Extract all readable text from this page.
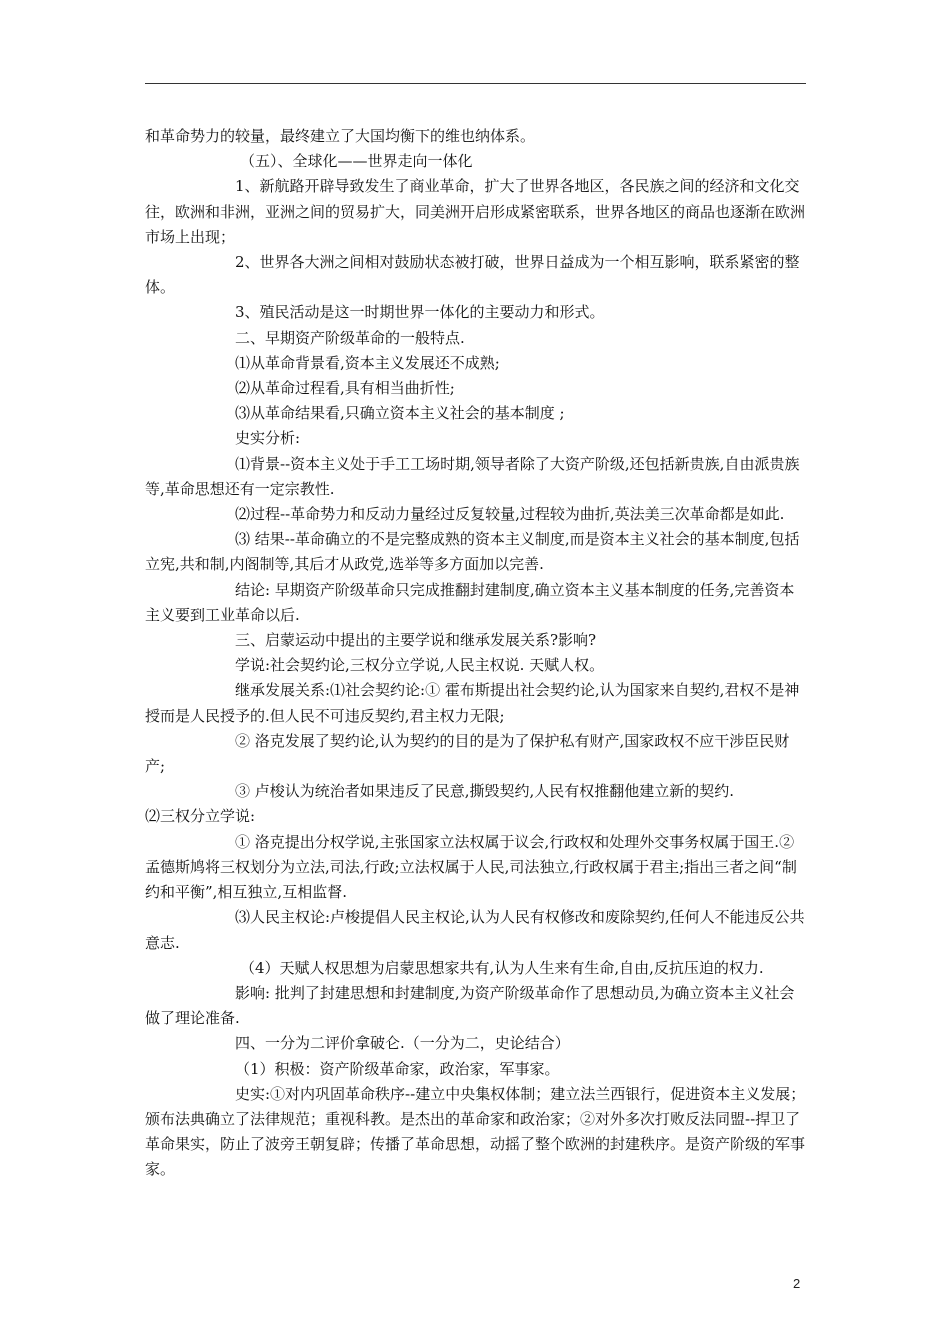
和革命势力的较量，最终建立了大国均衡下的维也纳体系。

（五）、全球化——世界走向一体化

1、新航路开辟导致发生了商业革命，扩大了世界各地区，各民族之间的经济和文化交往，欧洲和非洲，亚洲之间的贸易扩大，同美洲开启形成紧密联系，世界各地区的商品也逐渐在欧洲市场上出现；

2、世界各大洲之间相对鼓励状态被打破，世界日益成为一个相互影响，联系紧密的整体。

3、殖民活动是这一时期世界一体化的主要动力和形式。

二、早期资产阶级革命的一般特点.

⑴从革命背景看,资本主义发展还不成熟;

⑵从革命过程看,具有相当曲折性;

⑶从革命结果看,只确立资本主义社会的基本制度 ;

史实分析:

⑴背景--资本主义处于手工工场时期,领导者除了大资产阶级,还包括新贵族,自由派贵族等,革命思想还有一定宗教性.

⑵过程--革命势力和反动力量经过反复较量,过程较为曲折,英法美三次革命都是如此.

⑶ 结果--革命确立的不是完整成熟的资本主义制度,而是资本主义社会的基本制度,包括立宪,共和制,内阁制等,其后才从政党,选举等多方面加以完善.

结论: 早期资产阶级革命只完成推翻封建制度,确立资本主义基本制度的任务,完善资本主义要到工业革命以后.

三、启蒙运动中提出的主要学说和继承发展关系?影响?

学说:社会契约论,三权分立学说,人民主权说. 天赋人权。

继承发展关系:⑴社会契约论:① 霍布斯提出社会契约论,认为国家来自契约,君权不是神授而是人民授予的.但人民不可违反契约,君主权力无限;

② 洛克发展了契约论,认为契约的目的是为了保护私有财产,国家政权不应干涉臣民财产;

③ 卢梭认为统治者如果违反了民意,撕毁契约,人民有权推翻他建立新的契约.

⑵三权分立学说:

① 洛克提出分权学说,主张国家立法权属于议会,行政权和处理外交事务权属于国王.② 孟德斯鸠将三权划分为立法,司法,行政;立法权属于人民,司法独立,行政权属于君主;指出三者之间“制约和平衡”,相互独立,互相监督.

⑶人民主权论:卢梭提倡人民主权论,认为人民有权修改和废除契约,任何人不能违反公共意志.

（4）天赋人权思想为启蒙思想家共有,认为人生来有生命,自由,反抗压迫的权力.

影响: 批判了封建思想和封建制度,为资产阶级革命作了思想动员,为确立资本主义社会做了理论准备.

四、一分为二评价拿破仑.（一分为二，史论结合）

（1）积极：资产阶级革命家，政治家，军事家。

史实:①对内巩固革命秩序--建立中央集权体制；建立法兰西银行，促进资本主义发展；颁布法典确立了法律规范；重视科教。是杰出的革命家和政治家；②对外多次打败反法同盟--捍卫了革命果实，防止了波旁王朝复辟；传播了革命思想，动摇了整个欧洲的封建秩序。是资产阶级的军事家。

2
